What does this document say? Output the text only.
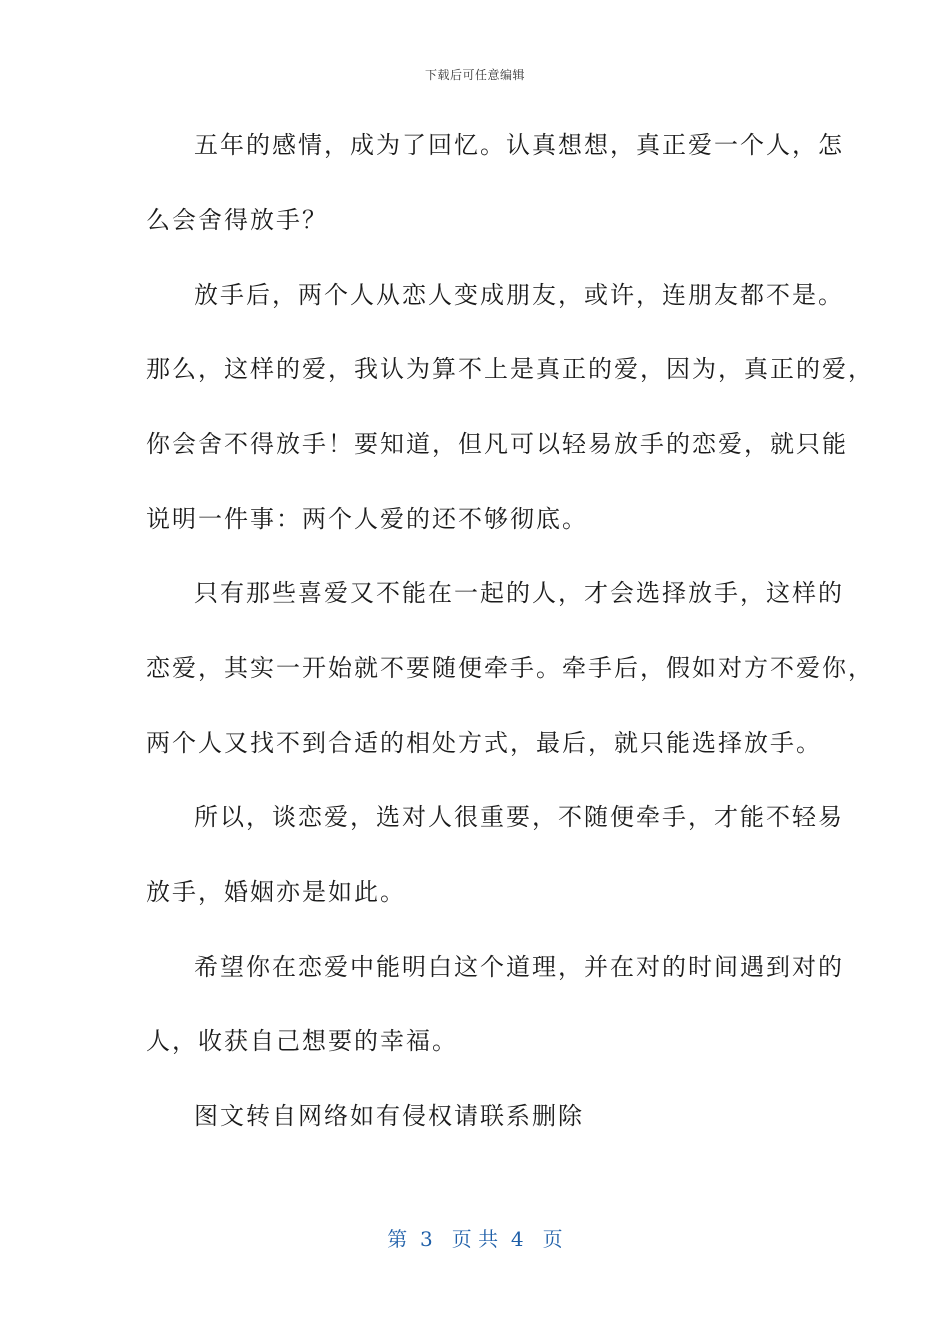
下载后可任意编辑
五年的感情，成为了回忆。认真想想，真正爱一个人，怎
么会舍得放手？
放手后，两个人从恋人变成朋友，或许，连朋友都不是。
那么，这样的爱，我认为算不上是真正的爱，因为，真正的爱，
你会舍不得放手！要知道，但凡可以轻易放手的恋爱，就只能
说明一件事：两个人爱的还不够彻底。
只有那些喜爱又不能在一起的人，才会选择放手，这样的
恋爱，其实一开始就不要随便牵手。牵手后，假如对方不爱你，
两个人又找不到合适的相处方式，最后，就只能选择放手。
所以，谈恋爱，选对人很重要，不随便牵手，才能不轻易
放手，婚姻亦是如此。
希望你在恋爱中能明白这个道理，并在对的时间遇到对的
人，收获自己想要的幸福。
图文转自网络如有侵权请联系删除
第  3   页 共  4   页
